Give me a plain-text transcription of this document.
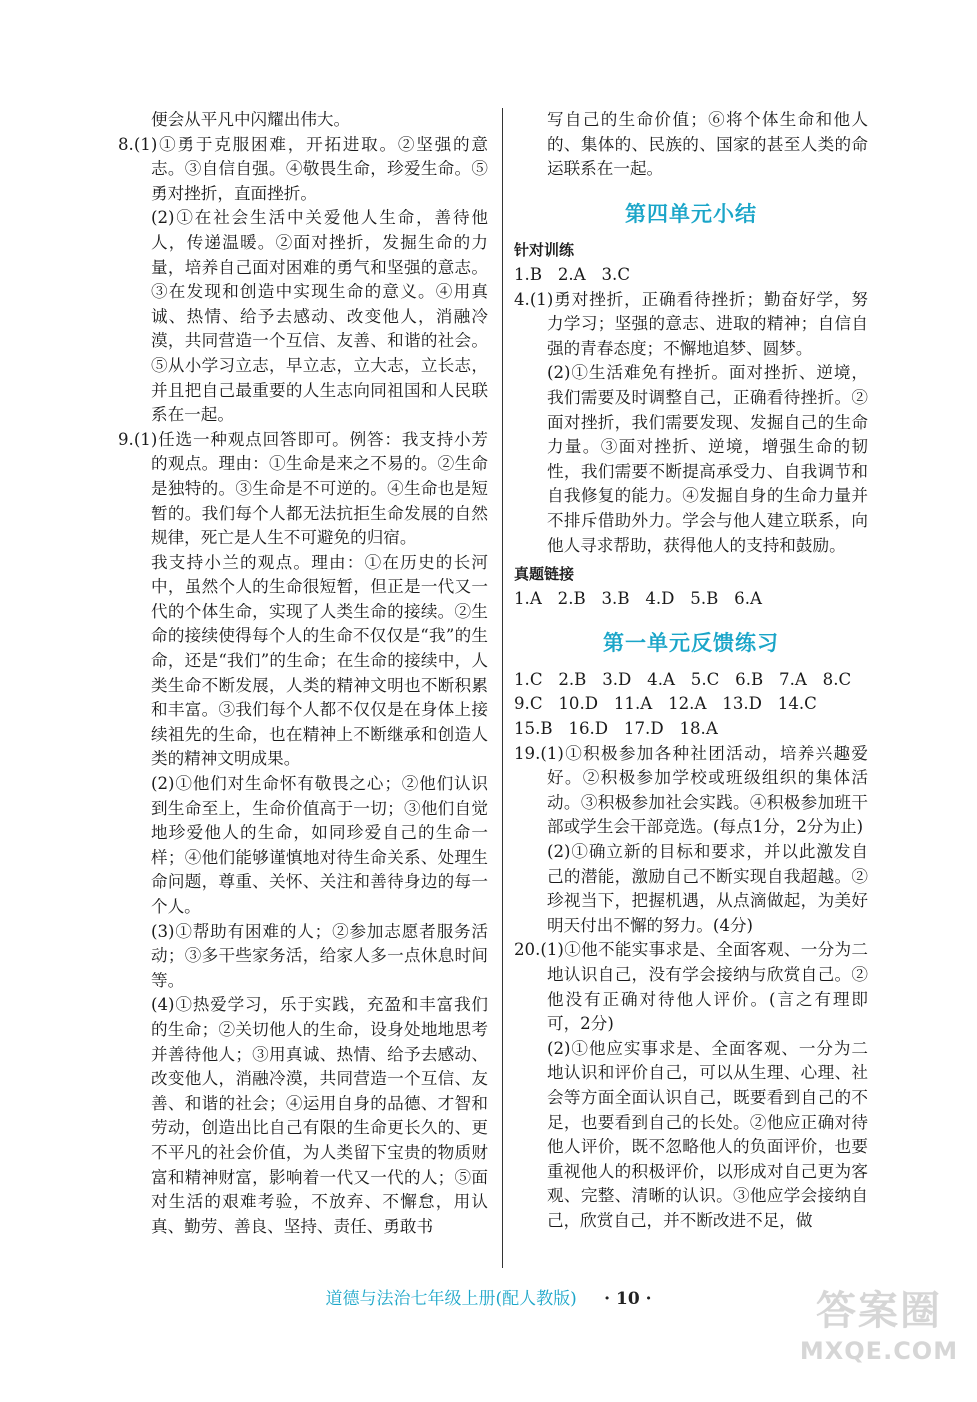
便会从平凡中闪耀出伟大。
8.(1)①勇于克服困难，开拓进取。②坚强的意志。③自信自强。④敬畏生命，珍爱生命。⑤勇对挫折，直面挫折。
(2)①在社会生活中关爱他人生命，善待他人，传递温暖。②面对挫折，发掘生命的力量，培养自己面对困难的勇气和坚强的意志。③在发现和创造中实现生命的意义。④用真诚、热情、给予去感动、改变他人，消融冷漠，共同营造一个互信、友善、和谐的社会。⑤从小学习立志，早立志，立大志，立长志，并且把自己最重要的人生志向同祖国和人民联系在一起。
9.(1)任选一种观点回答即可。例答：我支持小芳的观点。理由：①生命是来之不易的。②生命是独特的。③生命是不可逆的。④生命也是短暂的。我们每个人都无法抗拒生命发展的自然规律，死亡是人生不可避免的归宿。
我支持小兰的观点。理由：①在历史的长河中，虽然个人的生命很短暂，但正是一代又一代的个体生命，实现了人类生命的接续。②生命的接续使得每个人的生命不仅仅是“我”的生命，还是“我们”的生命；在生命的接续中，人类生命不断发展，人类的精神文明也不断积累和丰富。③我们每个人都不仅仅是在身体上接续祖先的生命，也在精神上不断继承和创造人类的精神文明成果。
(2)①他们对生命怀有敬畏之心；②他们认识到生命至上，生命价值高于一切；③他们自觉地珍爱他人的生命，如同珍爱自己的生命一样；④他们能够谨慎地对待生命关系、处理生命问题，尊重、关怀、关注和善待身边的每一个人。
(3)①帮助有困难的人；②参加志愿者服务活动；③多干些家务活，给家人多一点休息时间等。
(4)①热爱学习，乐于实践，充盈和丰富我们的生命；②关切他人的生命，设身处地地思考并善待他人；③用真诚、热情、给予去感动、改变他人，消融冷漠，共同营造一个互信、友善、和谐的社会；④运用自身的品德、才智和劳动，创造出比自己有限的生命更长久的、更不平凡的社会价值，为人类留下宝贵的物质财富和精神财富，影响着一代又一代的人；⑤面对生活的艰难考验，不放弃、不懈怠，用认真、勤劳、善良、坚持、责任、勇敢书
写自己的生命价值；⑥将个体生命和他人的、集体的、民族的、国家的甚至人类的命运联系在一起。
第四单元小结
针对训练
1.B   2.A   3.C
4.(1)勇对挫折，正确看待挫折；勤奋好学，努力学习；坚强的意志、进取的精神；自信自强的青春态度；不懈地追梦、圆梦。
(2)①生活难免有挫折。面对挫折、逆境，我们需要及时调整自己，正确看待挫折。②面对挫折，我们需要发现、发掘自己的生命力量。③面对挫折、逆境，增强生命的韧性，我们需要不断提高承受力、自我调节和自我修复的能力。④发掘自身的生命力量并不排斥借助外力。学会与他人建立联系，向他人寻求帮助，获得他人的支持和鼓励。
真题链接
1.A   2.B   3.B   4.D   5.B   6.A
第一单元反馈练习
1.C   2.B   3.D   4.A   5.C   6.B   7.A   8.C
9.C   10.D   11.A   12.A   13.D   14.C
15.B   16.D   17.D   18.A
19.(1)①积极参加各种社团活动，培养兴趣爱好。②积极参加学校或班级组织的集体活动。③积极参加社会实践。④积极参加班干部或学生会干部竞选。(每点1分，2分为止)
(2)①确立新的目标和要求，并以此激发自己的潜能，激励自己不断实现自我超越。②珍视当下，把握机遇，从点滴做起，为美好明天付出不懈的努力。(4分)
20.(1)①他不能实事求是、全面客观、一分为二地认识自己，没有学会接纳与欣赏自己。②他没有正确对待他人评价。(言之有理即可，2分)
(2)①他应实事求是、全面客观、一分为二地认识和评价自己，可以从生理、心理、社会等方面全面认识自己，既要看到自己的不足，也要看到自己的长处。②他应正确对待他人评价，既不忽略他人的负面评价，也要重视他人的积极评价，以形成对自己更为客观、完整、清晰的认识。③他应学会接纳自己，欣赏自己，并不断改进不足，做
道德与法治七年级上册(配人教版) · 10 ·	答案圈
MXQE.COM
